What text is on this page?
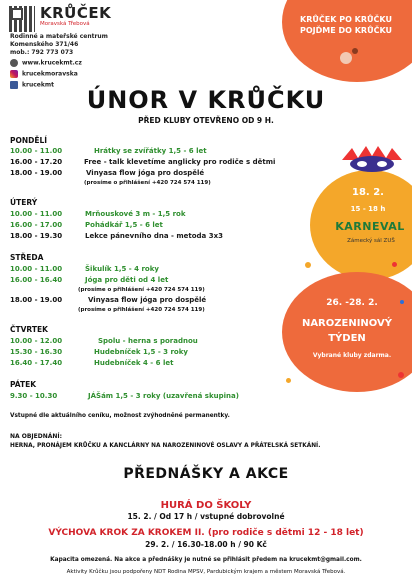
KRŮČEK
Moravská Třebová
Rodinné a mateřské centrum
Komenského 371/46
mob.: 792 773 073
www.krucekmt.cz
krucekmoravska
krucekmt
KRŮČEK PO KRŮČKU
POJĎME DO KRŮČKU
ÚNOR V KRŮČKU
PŘED KLUBY OTEVŘENO OD 9 H.
PONDĚLÍ
10.00 - 11.00	Hrátky se zvířátky 1,5 - 6 let
16.00 - 17.20	Free - talk klevetíme anglicky pro rodiče s dětmi
18.00 - 19.00	Vinyasa flow jóga pro dospělé
(prosíme o přihlášení +420 724 574 119)
ÚTERÝ
10.00 - 11.00	Mrňouskové 3 m - 1,5 rok
16.00 - 17.00	Pohádkář 1,5 - 6 let
18.00 - 19.30	Lekce pánevního dna - metoda 3x3
STŘEDA
10.00 - 11.00	Šikulík 1,5 - 4 roky
16.00 - 16.40	Jóga pro děti od 4 let
(prosíme o přihlášení +420 724 574 119)
18.00 - 19.00	Vinyasa flow jóga pro dospělé
(prosíme o přihlášení +420 724 574 119)
ČTVRTEK
10.00 - 12.00	Spolu - herna s poradnou
15.30 - 16.30	Hudebníček 1,5 - 3 roky
16.40 - 17.40	Hudebníček 4 - 6 let
PÁTEK
9.30 - 10.30	JÁŠám 1,5 - 3 roky (uzavřená skupina)
Vstupné dle aktuálního ceníku, možnost zvýhodněné permanentky.
NA OBJEDNÁNÍ:
HERNA, PRONÁJEM KRŮČKU A KANCLÁRNY NA NAROZENINOVÉ OSLAVY A PŘÁTELSKÁ SETKÁNÍ.
18. 2.
15 - 18 h
KARNEVAL
Zámecký sál ZUŠ
26. -28. 2.
NAROZENINOVÝ
TÝDEN
Vybrané kluby zdarma.
PŘEDNÁŠKY A AKCE
HURÁ DO ŠKOLY
15. 2. / Od 17 h / vstupné dobrovolné
VÝCHOVA KROK ZA KROKEM II. (pro rodiče s dětmi 12 - 18 let)
29. 2. / 16.30-18.00 h / 90 Kč
Kapacita omezená. Na akce a přednášky je nutné se přihlásit předem na krucekmt@gmail.com.
Aktivity Krůčku jsou podpořeny NDT Rodina MPSV, Pardubickým krajem a městem Moravská Třebová.
